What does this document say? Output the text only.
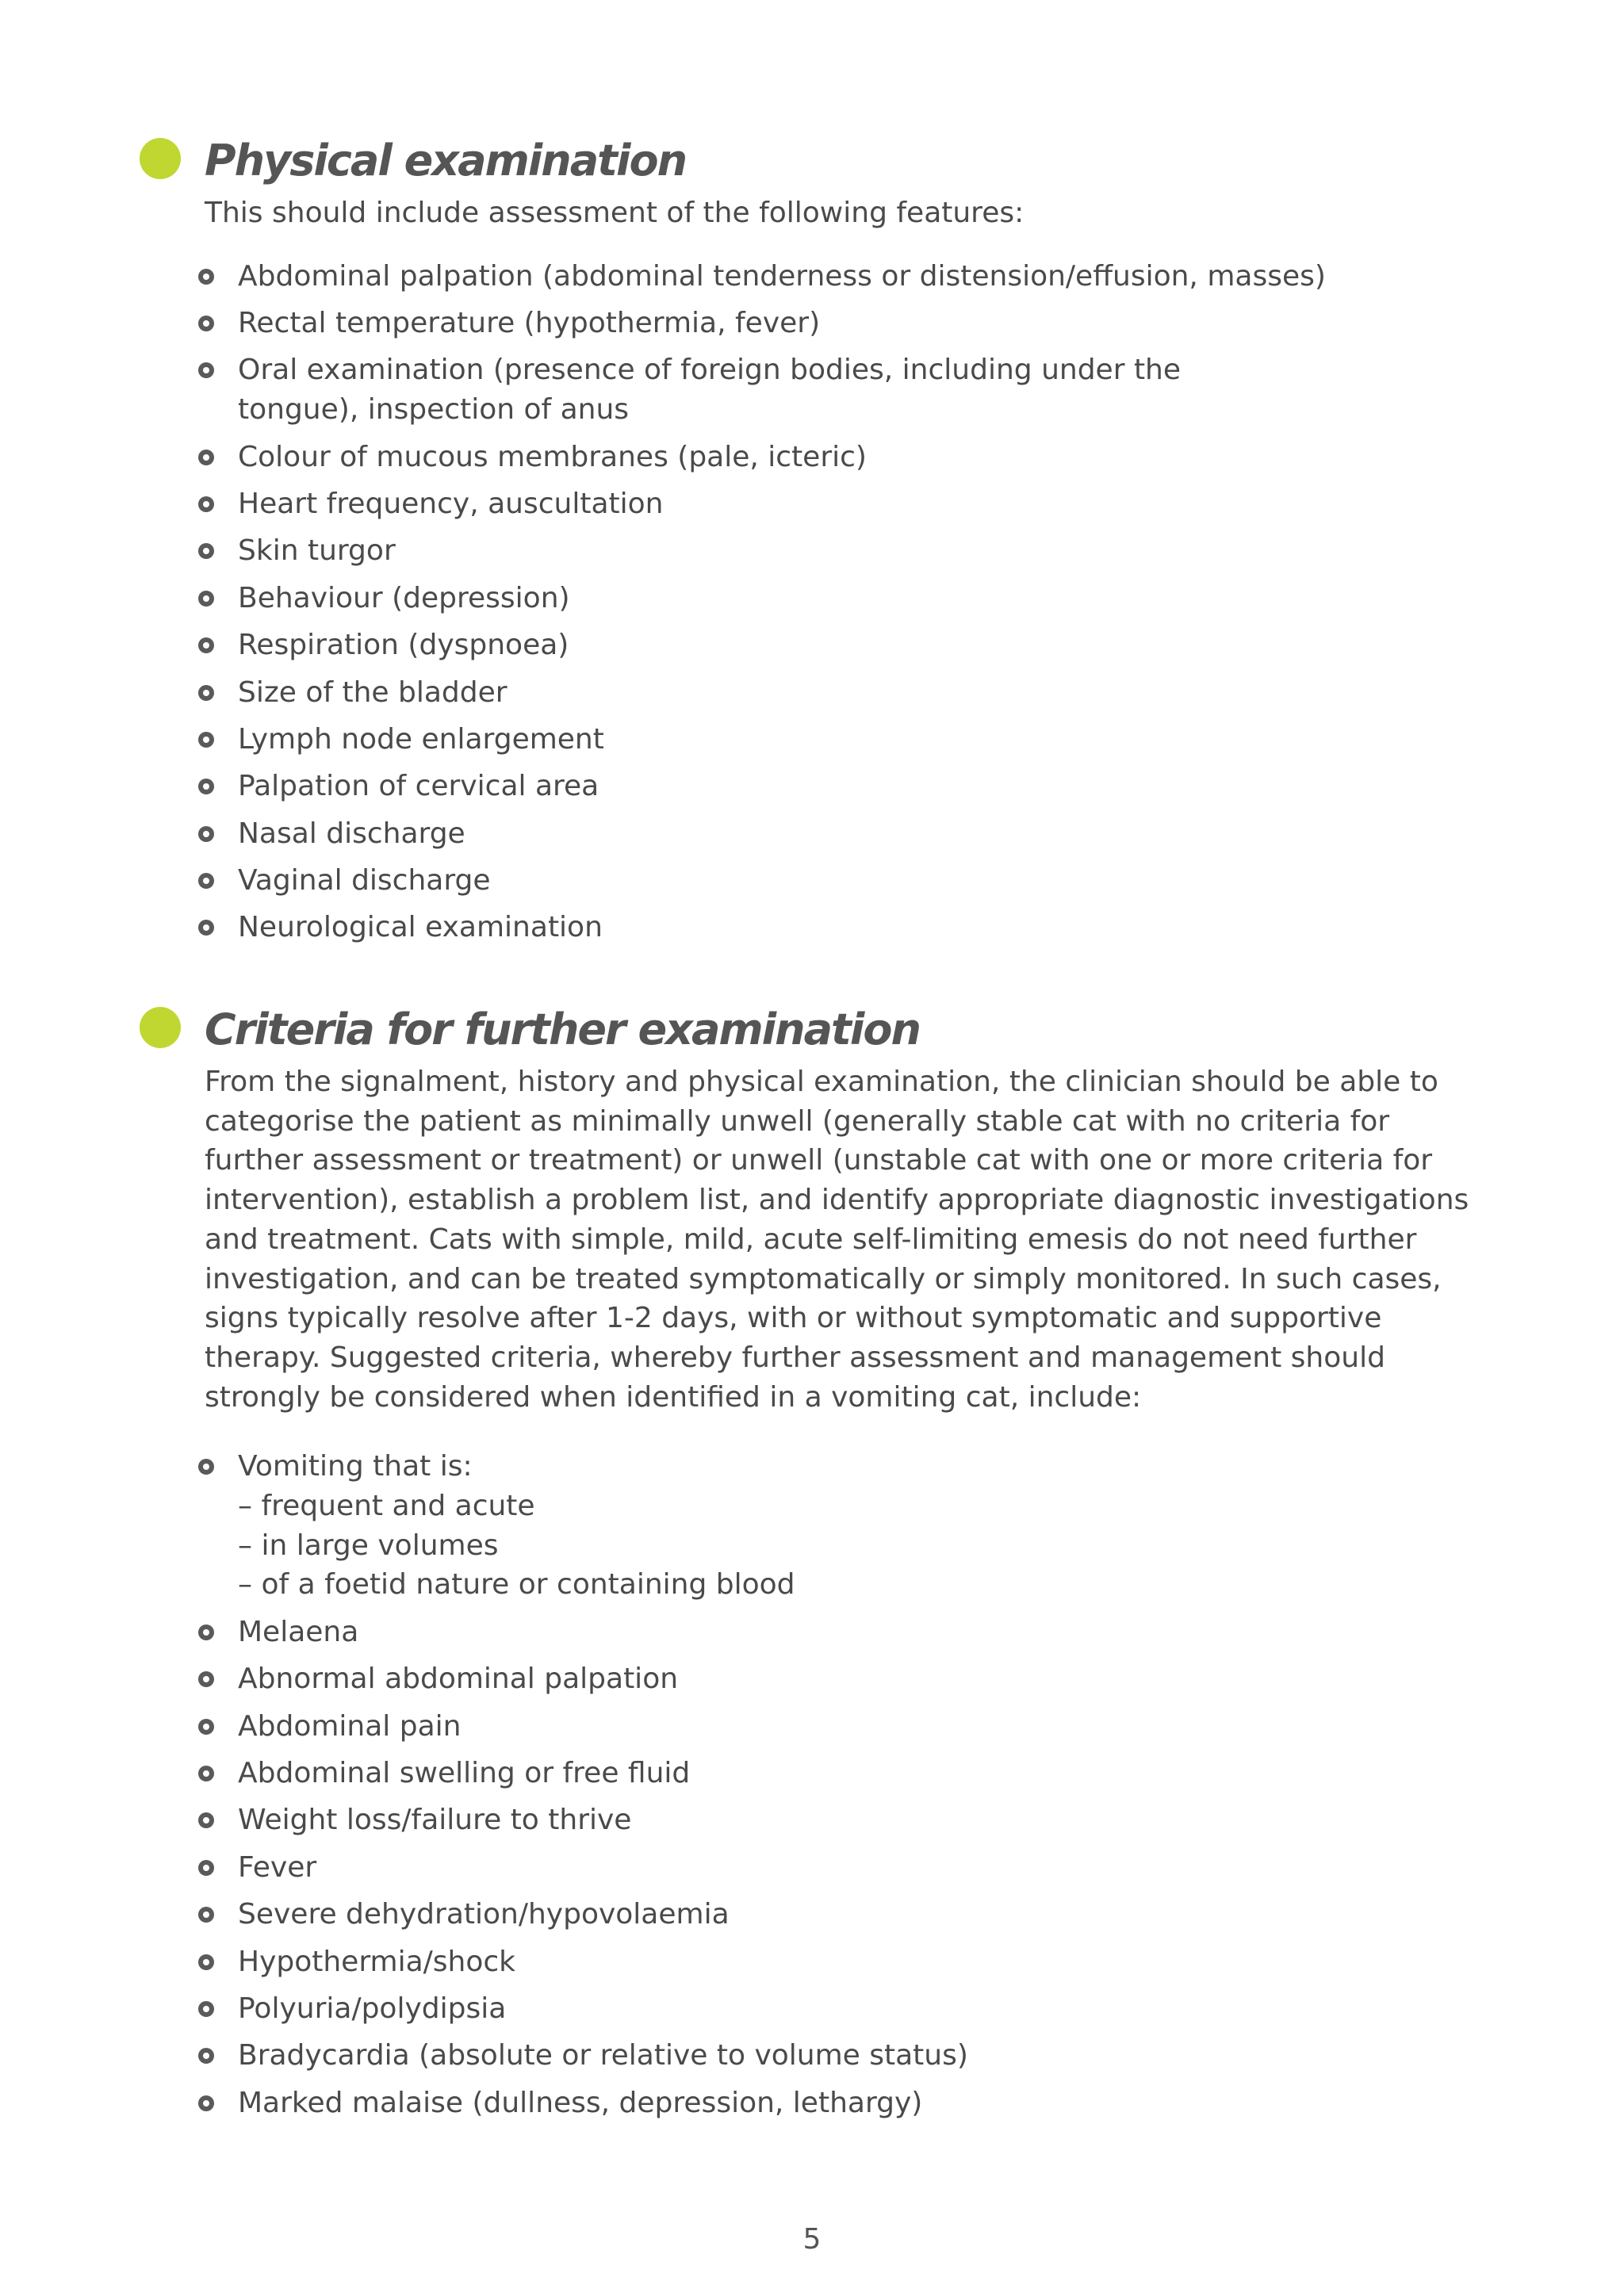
Physical examination

This should include assessment of the following features:

Abdominal palpation (abdominal tenderness or distension/effusion, masses)
Rectal temperature (hypothermia, fever)
Oral examination (presence of foreign bodies, including under the tongue), inspection of anus
Colour of mucous membranes (pale, icteric)
Heart frequency, auscultation
Skin turgor
Behaviour (depression)
Respiration (dyspnoea)
Size of the bladder
Lymph node enlargement
Palpation of cervical area
Nasal discharge
Vaginal discharge
Neurological examination
Criteria for further examination

From the signalment, history and physical examination, the clinician should be able to categorise the patient as minimally unwell (generally stable cat with no criteria for further assessment or treatment) or unwell (unstable cat with one or more criteria for intervention), establish a problem list, and identify appropriate diagnostic investigations and treatment. Cats with simple, mild, acute self-limiting emesis do not need further investigation, and can be treated symptomatically or simply monitored. In such cases, signs typically resolve after 1-2 days, with or without symptomatic and supportive therapy. Suggested criteria, whereby further assessment and management should strongly be considered when identified in a vomiting cat, include:

Vomiting that is:
– frequent and acute
– in large volumes
– of a foetid nature or containing blood
Melaena
Abnormal abdominal palpation
Abdominal pain
Abdominal swelling or free fluid
Weight loss/failure to thrive
Fever
Severe dehydration/hypovolaemia
Hypothermia/shock
Polyuria/polydipsia
Bradycardia (absolute or relative to volume status)
Marked malaise (dullness, depression, lethargy)
5
